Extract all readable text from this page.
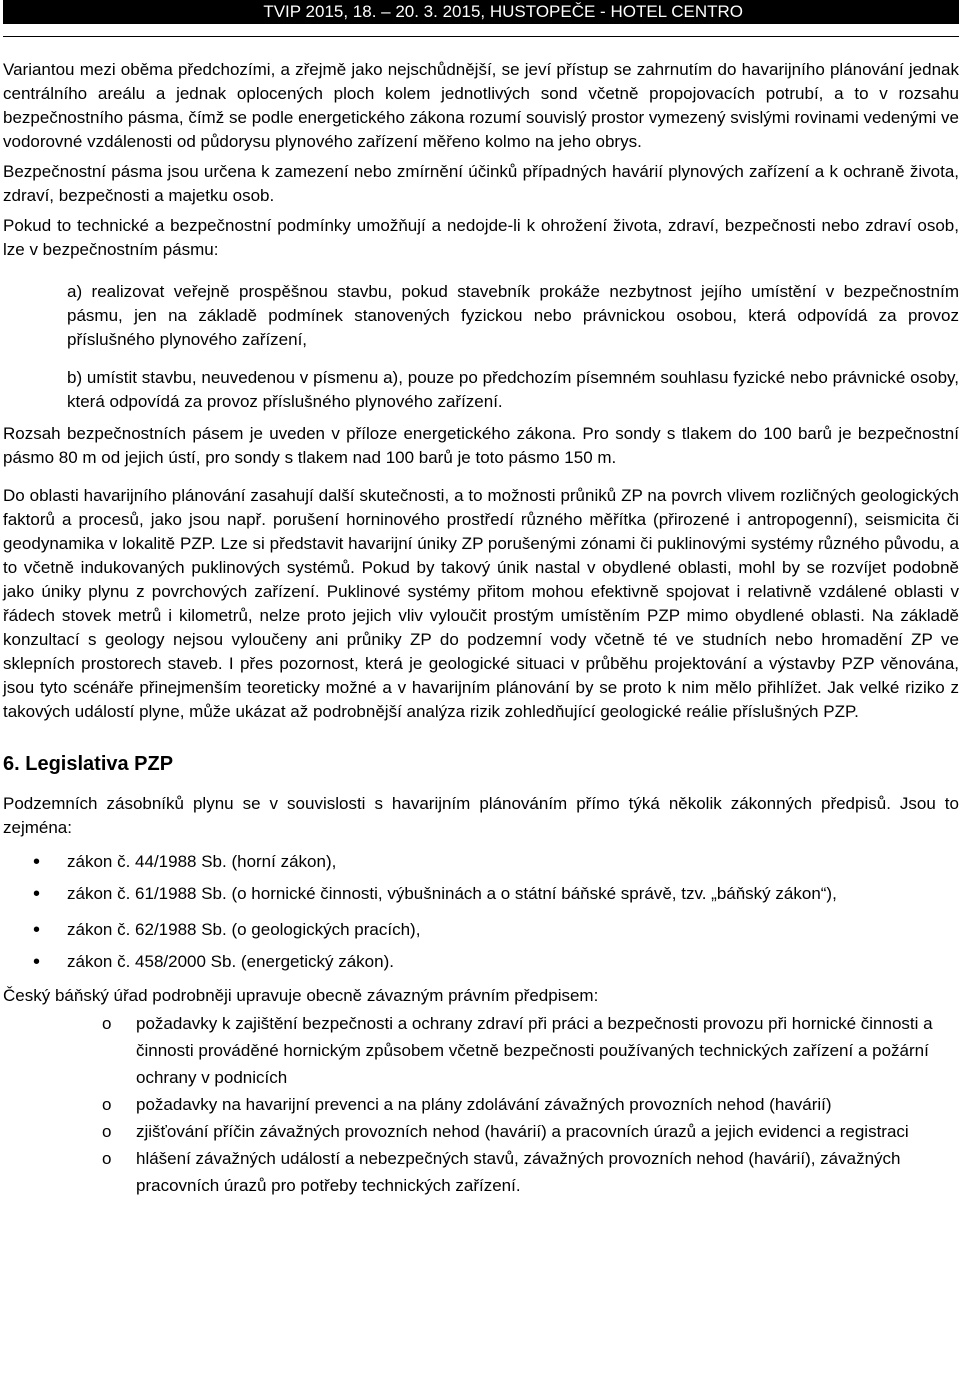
TVIP 2015, 18. – 20. 3. 2015, HUSTOPEČE - HOTEL CENTRO

Variantou mezi oběma předchozími, a zřejmě jako nejschůdnější, se jeví přístup se zahrnutím do havarijního plánování jednak centrálního areálu a jednak oplocených ploch kolem jednotlivých sond včetně propojovacích potrubí, a to v rozsahu bezpečnostního pásma, čímž se podle energetického zákona rozumí souvislý prostor vymezený svislými rovinami vedenými ve vodorovné vzdálenosti od půdorysu plynového zařízení měřeno kolmo na jeho obrys.

Bezpečnostní pásma jsou určena k zamezení nebo zmírnění účinků případných havárií plynových zařízení a k ochraně života, zdraví, bezpečnosti a majetku osob.

Pokud to technické a bezpečnostní podmínky umožňují a nedojde-li k ohrožení života, zdraví, bezpečnosti nebo zdraví osob, lze v bezpečnostním pásmu:

a) realizovat veřejně prospěšnou stavbu, pokud stavebník prokáže nezbytnost jejího umístění v bezpečnostním pásmu, jen na základě podmínek stanovených fyzickou nebo právnickou osobou, která odpovídá za provoz příslušného plynového zařízení,

b) umístit stavbu, neuvedenou v písmenu a), pouze po předchozím písemném souhlasu fyzické nebo právnické osoby, která odpovídá za provoz příslušného plynového zařízení.

Rozsah bezpečnostních pásem je uveden v příloze energetického zákona. Pro sondy s tlakem do 100 barů je bezpečnostní pásmo 80 m od jejich ústí, pro sondy s tlakem nad 100 barů je toto pásmo 150 m.

Do oblasti havarijního plánování zasahují další skutečnosti, a to možnosti průniků ZP na povrch vlivem rozličných geologických faktorů a procesů, jako jsou např. porušení horninového prostředí různého měřítka (přirozené i antropogenní), seismicita či geodynamika v lokalitě PZP. Lze si představit havarijní úniky ZP porušenými zónami či puklinovými systémy různého původu, a to včetně indukovaných puklinových systémů. Pokud by takový únik nastal v obydlené oblasti, mohl by se rozvíjet podobně jako úniky plynu z povrchových zařízení. Puklinové systémy přitom mohou efektivně spojovat i relativně vzdálené oblasti v řádech stovek metrů i kilometrů, nelze proto jejich vliv vyloučit prostým umístěním PZP mimo obydlené oblasti. Na základě konzultací s geology nejsou vyloučeny ani průniky ZP do podzemní vody včetně té ve studních nebo hromadění ZP ve sklepních prostorech staveb. I přes pozornost, která je geologické situaci v průběhu projektování a výstavby PZP věnována, jsou tyto scénáře přinejmenším teoreticky možné a v havarijním plánování by se proto k nim mělo přihlížet. Jak velké riziko z takových událostí plyne, může ukázat až podrobnější analýza rizik zohledňující geologické reálie příslušných PZP.

6. Legislativa PZP

Podzemních zásobníků plynu se v souvislosti s havarijním plánováním přímo týká několik zákonných předpisů. Jsou to zejména:

• zákon č. 44/1988 Sb. (horní zákon),
• zákon č. 61/1988 Sb. (o hornické činnosti, výbušninách a o státní báňské správě, tzv. „báňský zákon“),
• zákon č. 62/1988 Sb. (o geologických pracích),
• zákon č. 458/2000 Sb. (energetický zákon).

Český báňský úřad podrobněji upravuje obecně závazným právním předpisem:

o požadavky k zajištění bezpečnosti a ochrany zdraví při práci a bezpečnosti provozu při hornické činnosti a činnosti prováděné hornickým způsobem včetně bezpečnosti používaných technických zařízení a požární ochrany v podnicích
o požadavky na havarijní prevenci a na plány zdolávání závažných provozních nehod (havárií)
o zjišťování příčin závažných provozních nehod (havárií) a pracovních úrazů a jejich evidenci a registraci
o hlášení závažných událostí a nebezpečných stavů, závažných provozních nehod (havárií), závažných pracovních úrazů pro potřeby technických zařízení.
